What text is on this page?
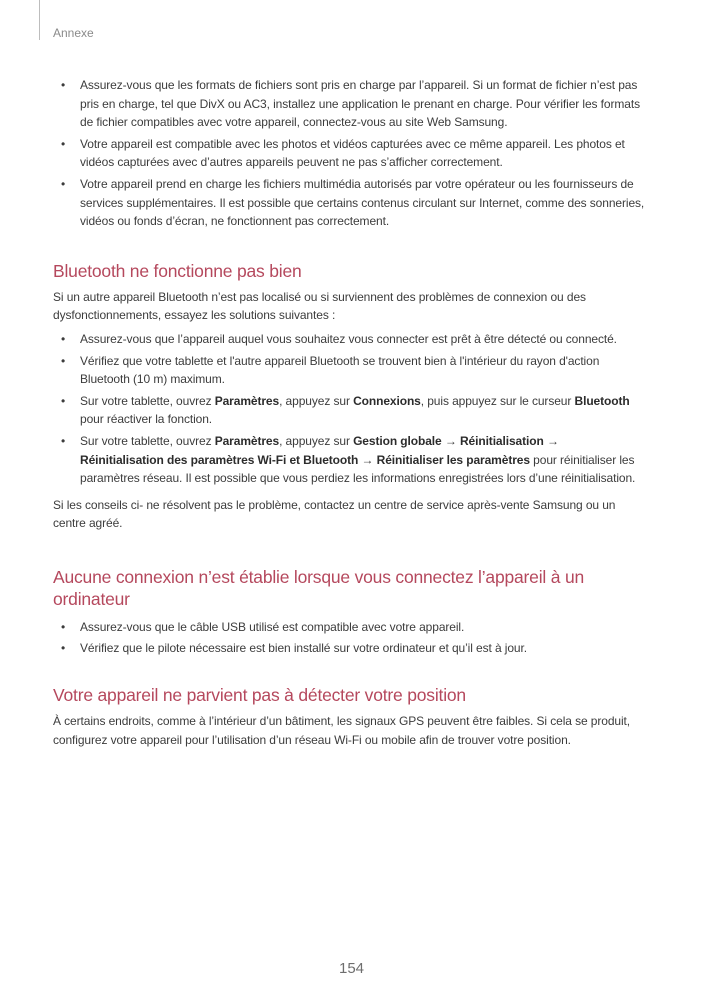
Annexe
• Assurez-vous que les formats de fichiers sont pris en charge par l’appareil. Si un format de fichier n’est pas pris en charge, tel que DivX ou AC3, installez une application le prenant en charge. Pour vérifier les formats de fichier compatibles avec votre appareil, connectez-vous au site Web Samsung.
• Votre appareil est compatible avec les photos et vidéos capturées avec ce même appareil. Les photos et vidéos capturées avec d’autres appareils peuvent ne pas s’afficher correctement.
• Votre appareil prend en charge les fichiers multimédia autorisés par votre opérateur ou les fournisseurs de services supplémentaires. Il est possible que certains contenus circulant sur Internet, comme des sonneries, vidéos ou fonds d’écran, ne fonctionnent pas correctement.
Bluetooth ne fonctionne pas bien

Si un autre appareil Bluetooth n’est pas localisé ou si surviennent des problèmes de connexion ou des dysfonctionnements, essayez les solutions suivantes :

• Assurez-vous que l’appareil auquel vous souhaitez vous connecter est prêt à être détecté ou connecté.
• Vérifiez que votre tablette et l'autre appareil Bluetooth se trouvent bien à l'intérieur du rayon d'action Bluetooth (10 m) maximum.
• Sur votre tablette, ouvrez Paramètres, appuyez sur Connexions, puis appuyez sur le curseur Bluetooth pour réactiver la fonction.
• Sur votre tablette, ouvrez Paramètres, appuyez sur Gestion globale → Réinitialisation → Réinitialisation des paramètres Wi-Fi et Bluetooth → Réinitialiser les paramètres pour réinitialiser les paramètres réseau. Il est possible que vous perdiez les informations enregistrées lors d’une réinitialisation.

Si les conseils ci- ne résolvent pas le problème, contactez un centre de service après-vente Samsung ou un centre agréé.

Aucune connexion n’est établie lorsque vous connectez l’appareil à un ordinateur
• Assurez-vous que le câble USB utilisé est compatible avec votre appareil.
• Vérifiez que le pilote nécessaire est bien installé sur votre ordinateur et qu’il est à jour.
Votre appareil ne parvient pas à détecter votre position

À certains endroits, comme à l’intérieur d’un bâtiment, les signaux GPS peuvent être faibles. Si cela se produit, configurez votre appareil pour l’utilisation d’un réseau Wi-Fi ou mobile afin de trouver votre position.

154
